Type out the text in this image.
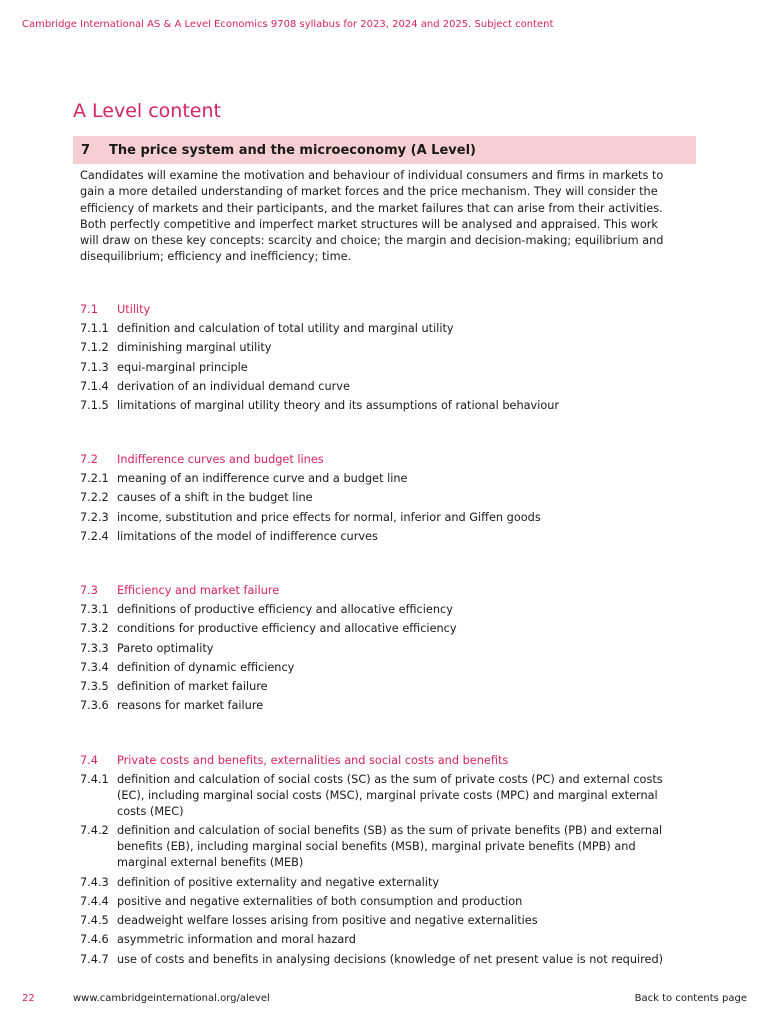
Cambridge International AS & A Level Economics 9708 syllabus for 2023, 2024 and 2025. Subject content
A Level content
7	The price system and the microeconomy (A Level)

Candidates will examine the motivation and behaviour of individual consumers and firms in markets to gain a more detailed understanding of market forces and the price mechanism. They will consider the efficiency of markets and their participants, and the market failures that can arise from their activities. Both perfectly competitive and imperfect market structures will be analysed and appraised. This work will draw on these key concepts: scarcity and choice; the margin and decision-making; equilibrium and disequilibrium; efficiency and inefficiency; time.

7.1	Utility
7.1.1 definition and calculation of total utility and marginal utility
7.1.2 diminishing marginal utility
7.1.3 equi-marginal principle
7.1.4 derivation of an individual demand curve
7.1.5 limitations of marginal utility theory and its assumptions of rational behaviour
7.2	Indifference curves and budget lines
7.2.1 meaning of an indifference curve and a budget line
7.2.2 causes of a shift in the budget line
7.2.3 income, substitution and price effects for normal, inferior and Giffen goods
7.2.4 limitations of the model of indifference curves
7.3	Efficiency and market failure
7.3.1 definitions of productive efficiency and allocative efficiency
7.3.2 conditions for productive efficiency and allocative efficiency
7.3.3 Pareto optimality
7.3.4 definition of dynamic efficiency
7.3.5 definition of market failure
7.3.6 reasons for market failure
7.4	Private costs and benefits, externalities and social costs and benefits
7.4.1 definition and calculation of social costs (SC) as the sum of private costs (PC) and external costs (EC), including marginal social costs (MSC), marginal private costs (MPC) and marginal external costs (MEC)
7.4.2 definition and calculation of social benefits (SB) as the sum of private benefits (PB) and external benefits (EB), including marginal social benefits (MSB), marginal private benefits (MPB) and marginal external benefits (MEB)
7.4.3 definition of positive externality and negative externality
7.4.4 positive and negative externalities of both consumption and production
7.4.5 deadweight welfare losses arising from positive and negative externalities
7.4.6 asymmetric information and moral hazard
7.4.7 use of costs and benefits in analysing decisions (knowledge of net present value is not required)
22	www.cambridgeinternational.org/alevel	Back to contents page
